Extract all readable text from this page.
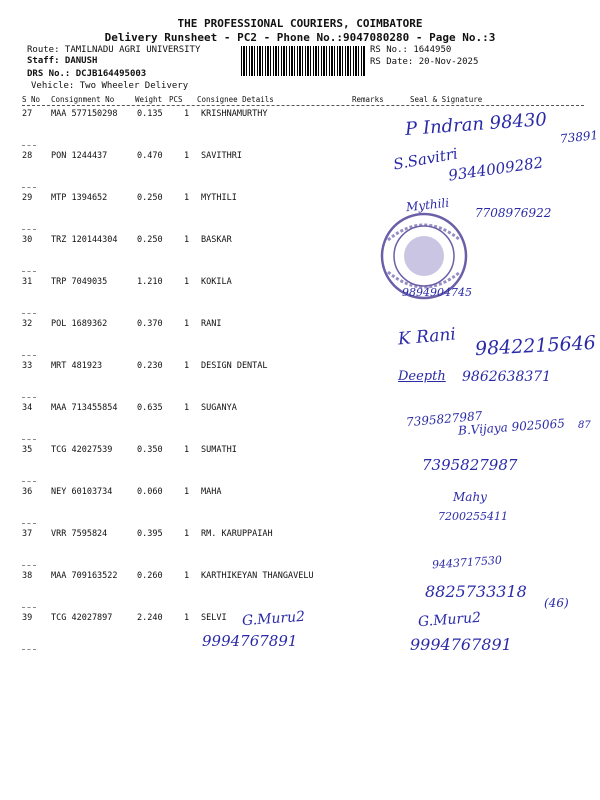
THE PROFESSIONAL COURIERS, COIMBATORE
Delivery Runsheet - PC2 - Phone No.:9047080280 - Page No.:3
Route: TAMILNADU AGRI UNIVERSITY
Staff: DANUSH
DRS No.: DCJB164495003
Vehicle: Two Wheeler Delivery
RS No.: 1644950
RS Date: 20-Nov-2025
S No Consignment No	Weight PCS Consignee Details	Remarks	Seal & Signature
27 MAA 577150298 0.135	1 KRISHNAMURTHY
28 PON 1244437	0.470	1 SAVITHRI
29 MTP 1394652	0.250	1 MYTHILI
30 TRZ 120144304 0.250	1 BASKAR
31 TRP 7049035	1.210	1 KOKILA
32 POL 1689362	0.370	1 RANI
33 MRT 481923	0.230	1 DESIGN DENTAL
34 MAA 713455854 0.635	1 SUGANYA
35 TCG 42027539	0.350	1 SUMATHI
36 NEY 60103734	0.060	1 MAHA
37 VRR 7595824	0.395	1 RM. KARUPPAIAH
38 MAA 709163522 0.260	1 KARTHIKEYAN THANGAVELU
39 TCG 42027897	2.240	1 SELVI
P Indran 98430 73891
S.Savitri
9344009282
Mythili 7708976922
9894904745
K Rani 9842215646
Deepth 9862638371
7395827987
B.Vijaya 9025065 87
7395827987
Mahy
7200255411
9443717530
8825733318
(46)
G.Muru2
9994767891
G.Muru2
9994767891
